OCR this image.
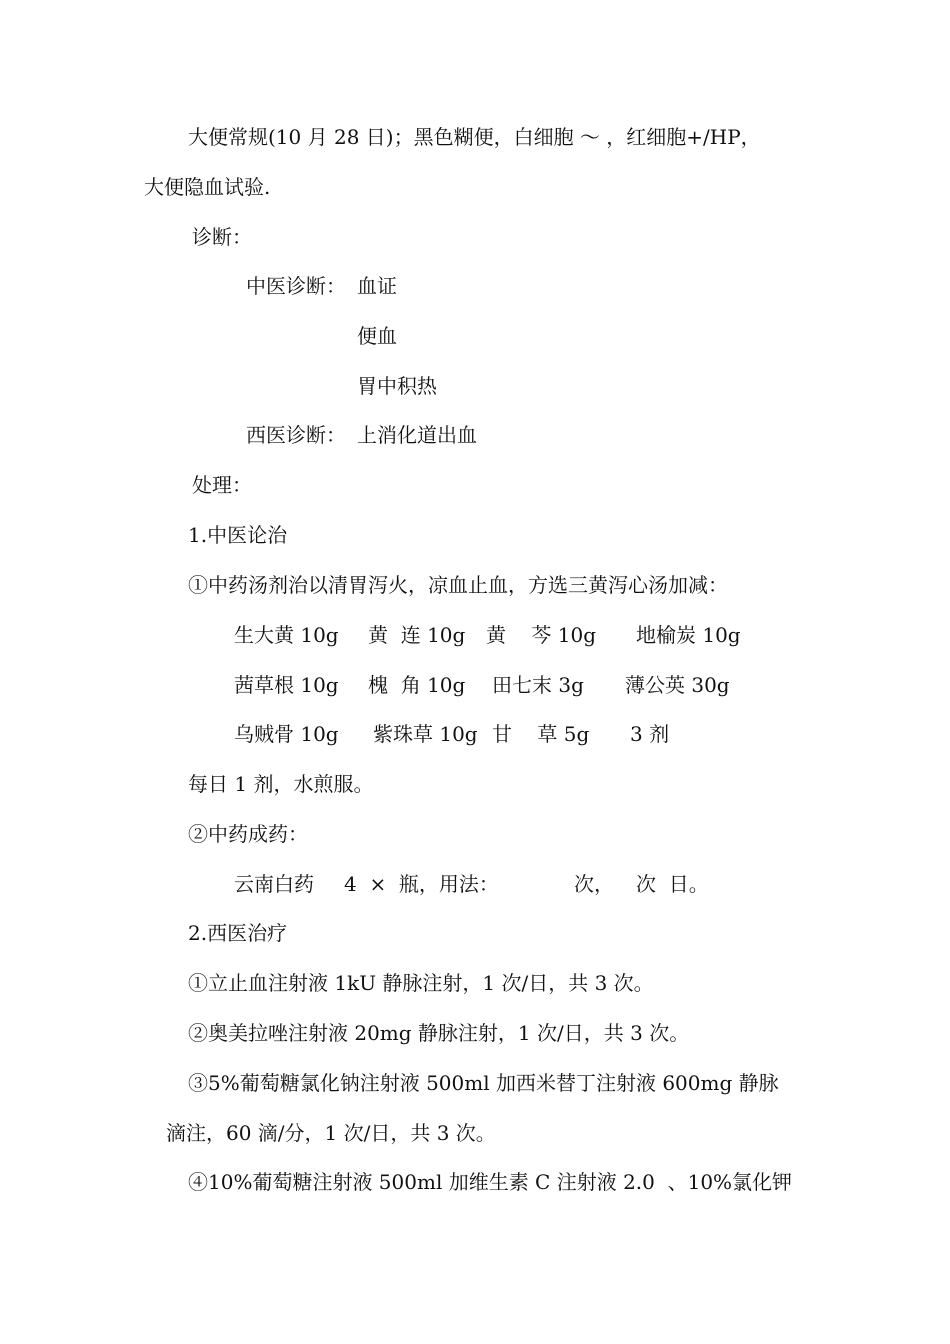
大便常规(10 月 28 日)；黑色糊便，白细胞 ～ ，红细胞+/HP，
大便隐血试验.
诊断：
中医诊断： 血证
便血
胃中积热
西医诊断： 上消化道出血
处理：
1.中医论治
①中药汤剂治以清胃泻火，凉血止血，方选三黄泻心汤加减：

生大黄 10g

黄  连 10g

黄    芩 10g

地榆炭 10g

茜草根 10g

槐  角 10g

田七末 3g

薄公英 30g

乌贼骨 10g

紫珠草 10g

甘    草 5g

3 剂

每日 1 剂，水煎服。
②中药成药：

云南白药

4  ×  瓶，用法：

	次，

次  日。

2.西医治疗
①立止血注射液 1kU 静脉注射，1 次/日，共 3 次。
②奥美拉唑注射液 20mg 静脉注射，1 次/日，共 3 次。
③5%葡萄糖氯化钠注射液 500ml 加西米替丁注射液 600mg 静脉
滴注，60 滴/分，1 次/日，共 3 次。
④10%葡萄糖注射液 500ml 加维生素 C 注射液 2.0  、10%氯化钾
